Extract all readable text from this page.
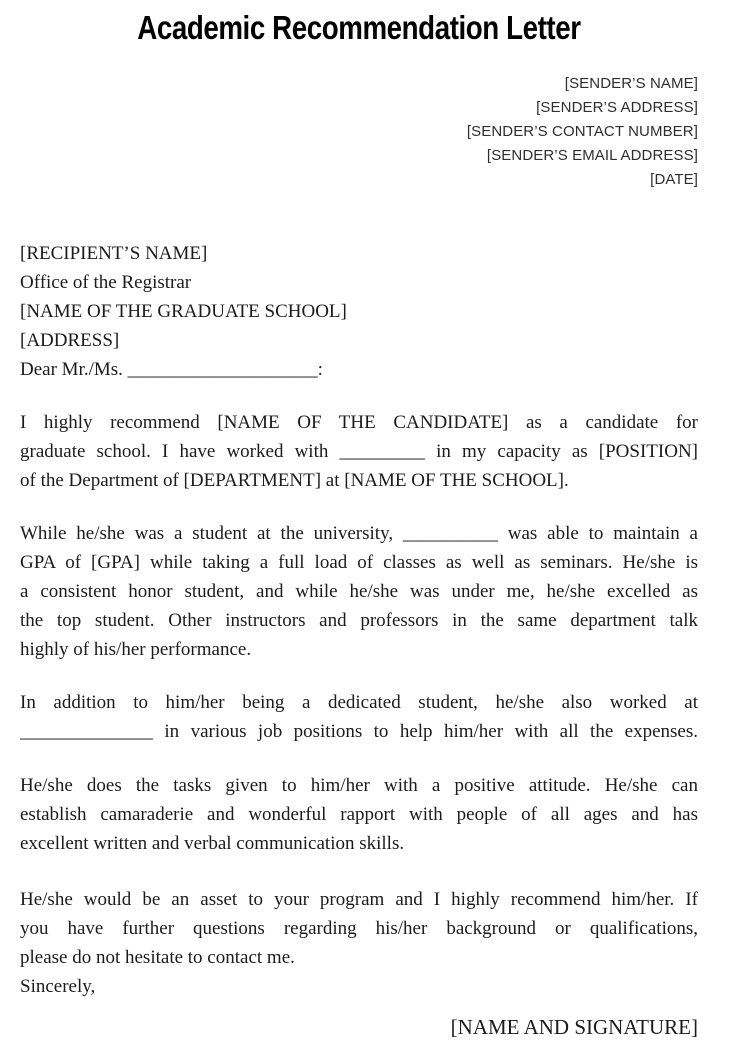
Academic Recommendation Letter
[SENDER’S NAME]
[SENDER’S ADDRESS]
[SENDER’S CONTACT NUMBER]
[SENDER’S EMAIL ADDRESS]
[DATE]
[RECIPIENT’S NAME]
Office of the Registrar
[NAME OF THE GRADUATE SCHOOL]
[ADDRESS]
Dear Mr./Ms. ____________________:
I highly recommend [NAME OF THE CANDIDATE] as a candidate for
graduate school. I have worked with _________ in my capacity as [POSITION]
of the Department of [DEPARTMENT] at [NAME OF THE SCHOOL].
While he/she was a student at the university, __________ was able to maintain a
GPA of [GPA] while taking a full load of classes as well as seminars. He/she is
a consistent honor student, and while he/she was under me, he/she excelled as
the top student. Other instructors and professors in the same department talk
highly of his/her performance.
In addition to him/her being a dedicated student, he/she also worked at
______________ in various job positions to help him/her with all the expenses.
He/she does the tasks given to him/her with a positive attitude. He/she can
establish camaraderie and wonderful rapport with people of all ages and has
excellent written and verbal communication skills.
He/she would be an asset to your program and I highly recommend him/her. If
you have further questions regarding his/her background or qualifications,
please do not hesitate to contact me.
Sincerely,
[NAME AND SIGNATURE]
